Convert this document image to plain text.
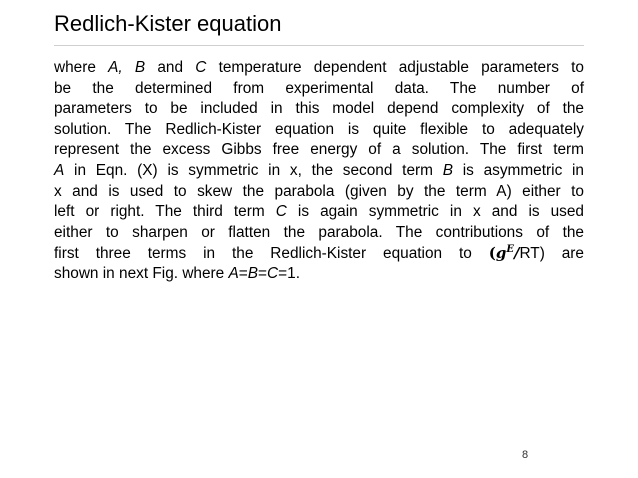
Redlich-Kister equation
where A, B and C temperature dependent adjustable parameters to
be the determined from experimental data. The number of
parameters to be included in this model depend complexity of the
solution. The Redlich-Kister equation is quite flexible to adequately
represent the excess Gibbs free energy of a solution. The first term
A in Eqn. (X) is symmetric in x, the second term B is asymmetric in
x and is used to skew the parabola (given by the term A) either to
left or right. The third term C is again symmetric in x and is used
either to sharpen or flatten the parabola. The contributions of the
first three terms in the Redlich-Kister equation to $(g^E/RT)$ are
shown in next Fig. where A=B=C=1.
8
